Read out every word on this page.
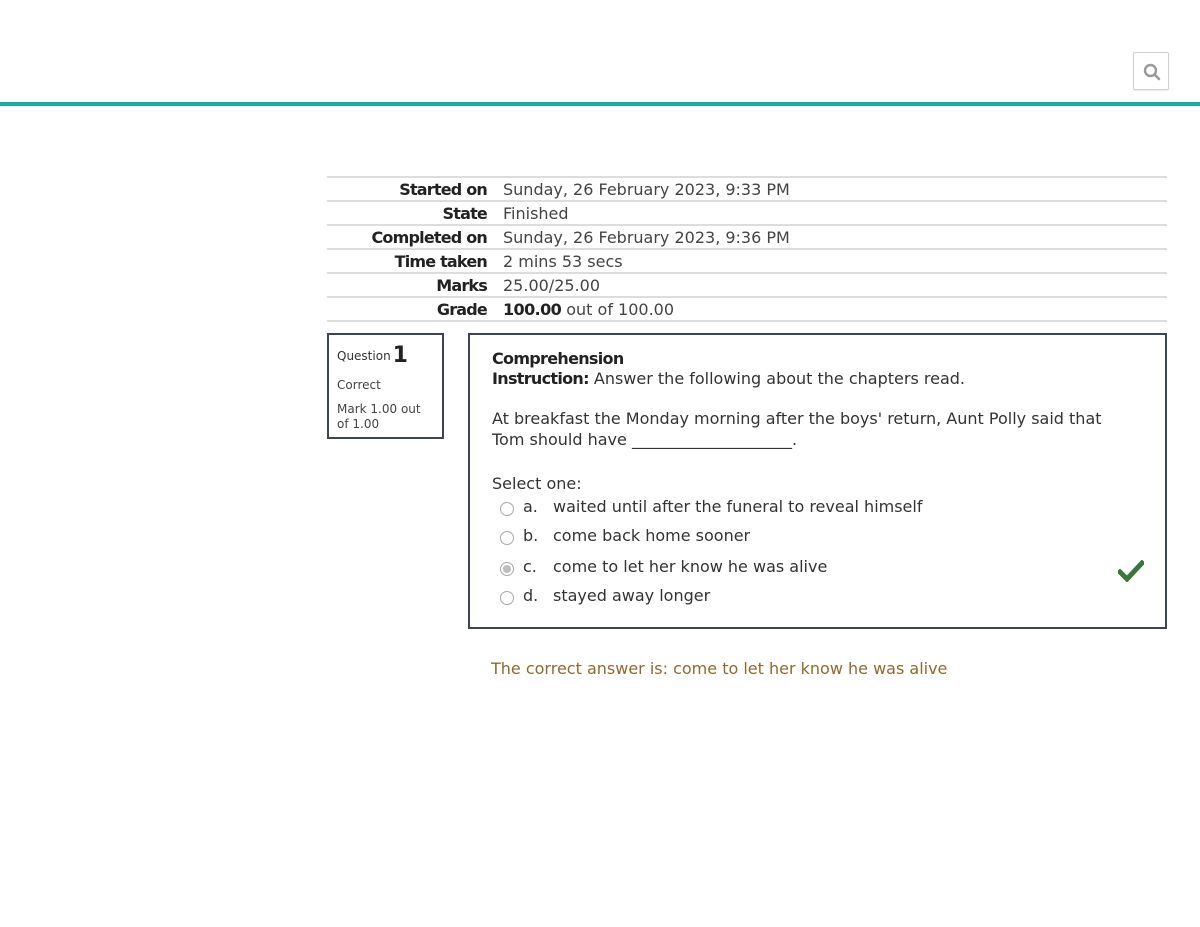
Started on	Sunday, 26 February 2023, 9:33 PM
State	Finished
Completed on	Sunday, 26 February 2023, 9:36 PM
Time taken	2 mins 53 secs
Marks	25.00/25.00
Grade	100.00 out of 100.00
Question1
Correct
Mark 1.00 out of 1.00
Comprehension
Instruction: Answer the following about the chapters read.
At breakfast the Monday morning after the boys' return, Aunt Polly said that Tom should have ____________________.
Select one:
a. waited until after the funeral to reveal himself
b. come back home sooner
c. come to let her know he was alive
d. stayed away longer
The correct answer is: come to let her know he was alive
